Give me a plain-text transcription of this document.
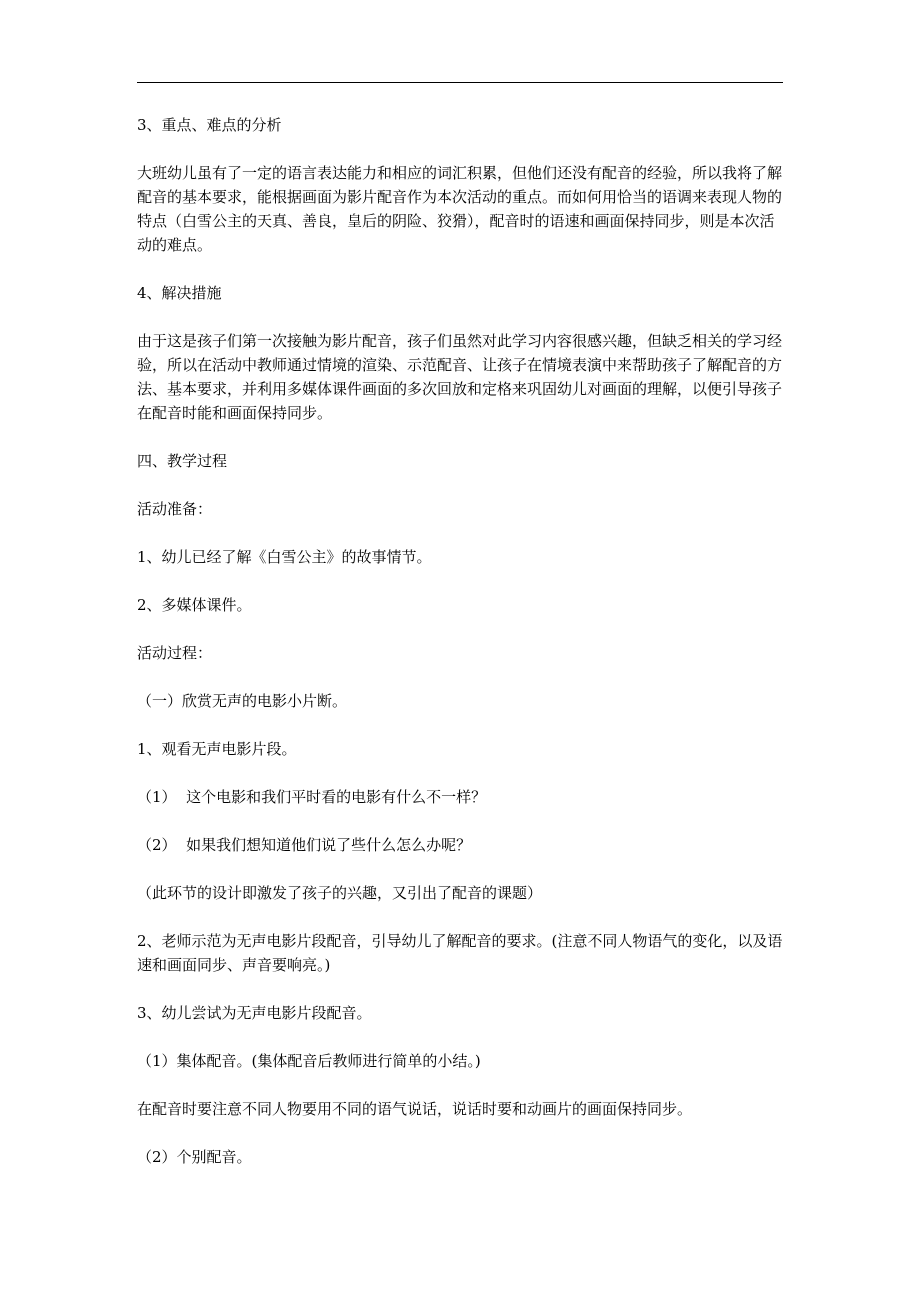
3、重点、难点的分析

大班幼儿虽有了一定的语言表达能力和相应的词汇积累，但他们还没有配音的经验，所以我将了解配音的基本要求，能根据画面为影片配音作为本次活动的重点。而如何用恰当的语调来表现人物的特点（白雪公主的天真、善良，皇后的阴险、狡猾），配音时的语速和画面保持同步，则是本次活动的难点。

4、解决措施

由于这是孩子们第一次接触为影片配音，孩子们虽然对此学习内容很感兴趣，但缺乏相关的学习经验，所以在活动中教师通过情境的渲染、示范配音、让孩子在情境表演中来帮助孩子了解配音的方法、基本要求，并利用多媒体课件画面的多次回放和定格来巩固幼儿对画面的理解，以便引导孩子在配音时能和画面保持同步。

四、教学过程

活动准备：

1、幼儿已经了解《白雪公主》的故事情节。

2、多媒体课件。

活动过程：

（一）欣赏无声的电影小片断。

1、观看无声电影片段。

（1）  这个电影和我们平时看的电影有什么不一样？

（2）  如果我们想知道他们说了些什么怎么办呢？

（此环节的设计即激发了孩子的兴趣，又引出了配音的课题）

2、老师示范为无声电影片段配音，引导幼儿了解配音的要求。(注意不同人物语气的变化，以及语速和画面同步、声音要响亮。)

3、幼儿尝试为无声电影片段配音。

（1）集体配音。(集体配音后教师进行简单的小结。)

在配音时要注意不同人物要用不同的语气说话，说话时要和动画片的画面保持同步。

（2）个别配音。
